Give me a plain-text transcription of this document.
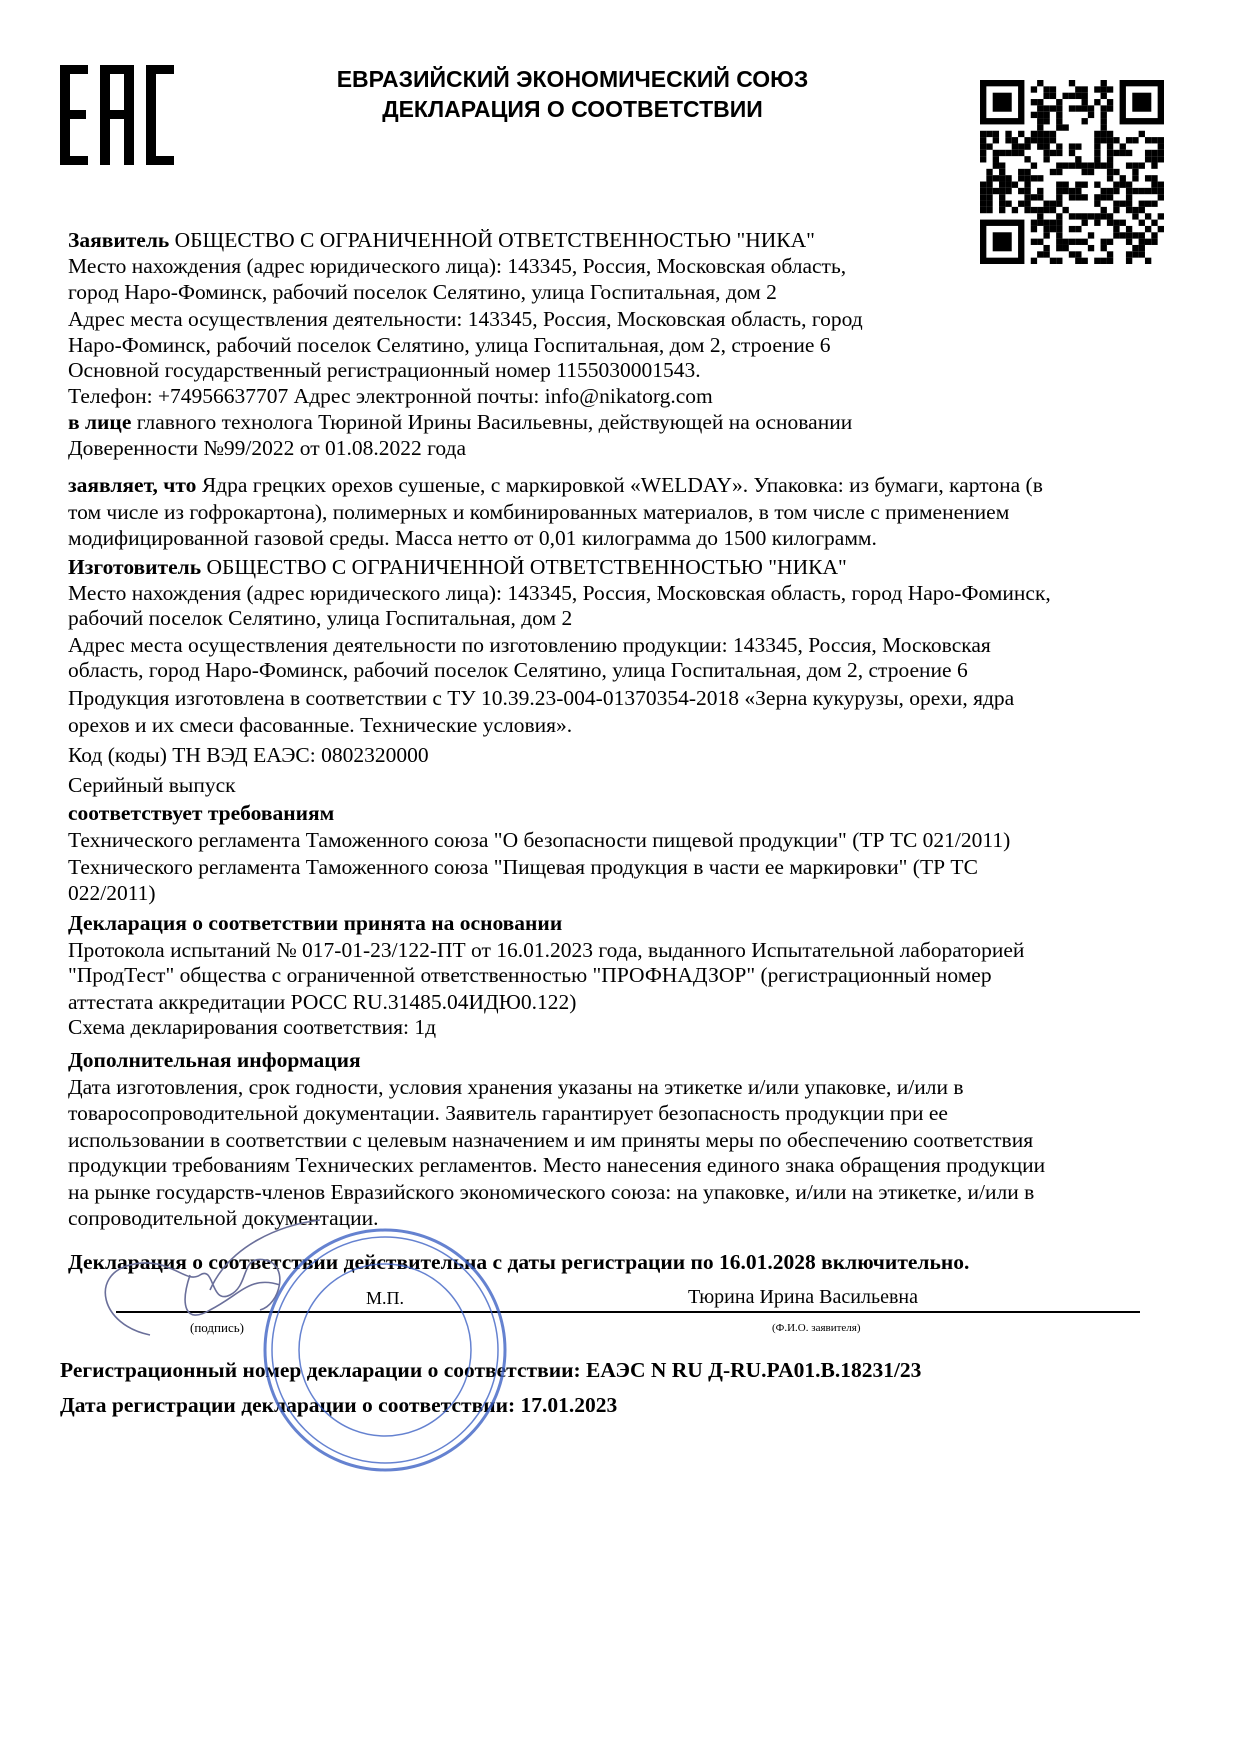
ЕВРАЗИЙСКИЙ ЭКОНОМИЧЕСКИЙ СОЮЗ
ДЕКЛАРАЦИЯ О СООТВЕТСТВИИ
Заявитель ОБЩЕСТВО С ОГРАНИЧЕННОЙ ОТВЕТСТВЕННОСТЬЮ "НИКА"
Место нахождения (адрес юридического лица): 143345, Россия, Московская область,
город Наро-Фоминск, рабочий поселок Селятино, улица Госпитальная, дом 2
Адрес места осуществления деятельности: 143345, Россия, Московская область, город
Наро-Фоминск, рабочий поселок Селятино, улица Госпитальная, дом 2, строение 6
Основной государственный регистрационный номер 1155030001543.
Телефон: +74956637707 Адрес электронной почты: info@nikatorg.com
в лице главного технолога Тюриной Ирины Васильевны, действующей на основании
Доверенности №99/2022 от 01.08.2022 года
заявляет, что Ядра грецких орехов сушеные, с маркировкой «WELDAY». Упаковка: из бумаги, картона (в
том числе из гофрокартона), полимерных и комбинированных материалов, в том числе с применением
модифицированной газовой среды. Масса нетто от 0,01 килограмма до 1500 килограмм.
Изготовитель ОБЩЕСТВО С ОГРАНИЧЕННОЙ ОТВЕТСТВЕННОСТЬЮ "НИКА"
Место нахождения (адрес юридического лица): 143345, Россия, Московская область, город Наро-Фоминск,
рабочий поселок Селятино, улица Госпитальная, дом 2
Адрес места осуществления деятельности по изготовлению продукции: 143345, Россия, Московская
область, город Наро-Фоминск, рабочий поселок Селятино, улица Госпитальная, дом 2, строение 6
Продукция изготовлена в соответствии с ТУ 10.39.23-004-01370354-2018 «Зерна кукурузы, орехи, ядра
орехов и их смеси фасованные. Технические условия».
Код (коды) ТН ВЭД ЕАЭС: 0802320000
Серийный выпуск
соответствует требованиям
Технического регламента Таможенного союза "О безопасности пищевой продукции" (ТР ТС 021/2011)
Технического регламента Таможенного союза "Пищевая продукция в части ее маркировки" (ТР ТС
022/2011)
Декларация о соответствии принята на основании
Протокола испытаний № 017-01-23/122-ПТ от 16.01.2023 года, выданного Испытательной лабораторией
"ПродТест" общества с ограниченной ответственностью "ПРОФНАДЗОР" (регистрационный номер
аттестата аккредитации РОСС RU.31485.04ИДЮ0.122)
Схема декларирования соответствия: 1д
Дополнительная информация
Дата изготовления, срок годности, условия хранения указаны на этикетке и/или упаковке, и/или в
товаросопроводительной документации. Заявитель гарантирует безопасность продукции при ее
использовании в соответствии с целевым назначением и им приняты меры по обеспечению соответствия
продукции требованиям Технических регламентов. Место нанесения единого знака обращения продукции
на рынке государств-членов Евразийского экономического союза: на упаковке, и/или на этикетке, и/или в
сопроводительной документации.
Декларация о соответствии действительна с даты регистрации по 16.01.2028 включительно.
М.П.	Тюрина Ирина Васильевна
(подпись)	(Ф.И.О. заявителя)
Регистрационный номер декларации о соответствии: ЕАЭС N RU Д-RU.PA01.B.18231/23
Дата регистрации декларации о соответствии: 17.01.2023
